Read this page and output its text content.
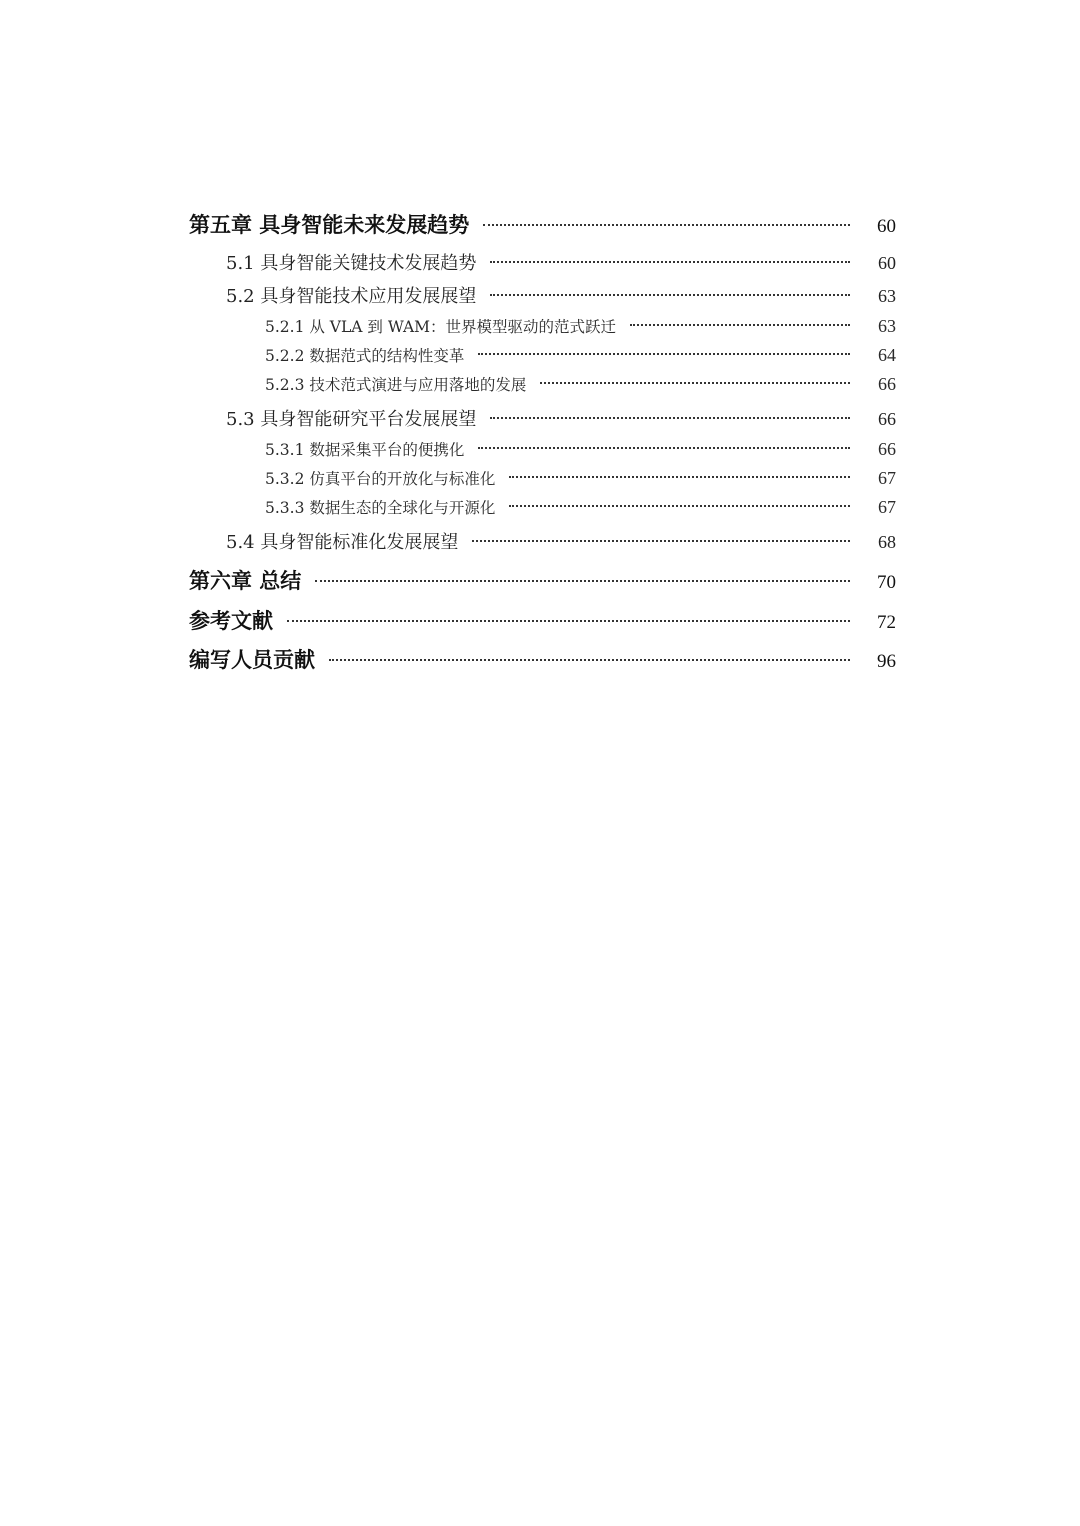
第五章 具身智能未来发展趋势	60
5.1 具身智能关键技术发展趋势	60
5.2 具身智能技术应用发展展望	63
5.2.1 从 VLA 到 WAM：世界模型驱动的范式跃迁	63
5.2.2 数据范式的结构性变革	64
5.2.3 技术范式演进与应用落地的发展	66
5.3 具身智能研究平台发展展望	66
5.3.1 数据采集平台的便携化	66
5.3.2 仿真平台的开放化与标准化	67
5.3.3 数据生态的全球化与开源化	67
5.4 具身智能标准化发展展望	68
第六章 总结	70
参考文献	72
编写人员贡献	96
